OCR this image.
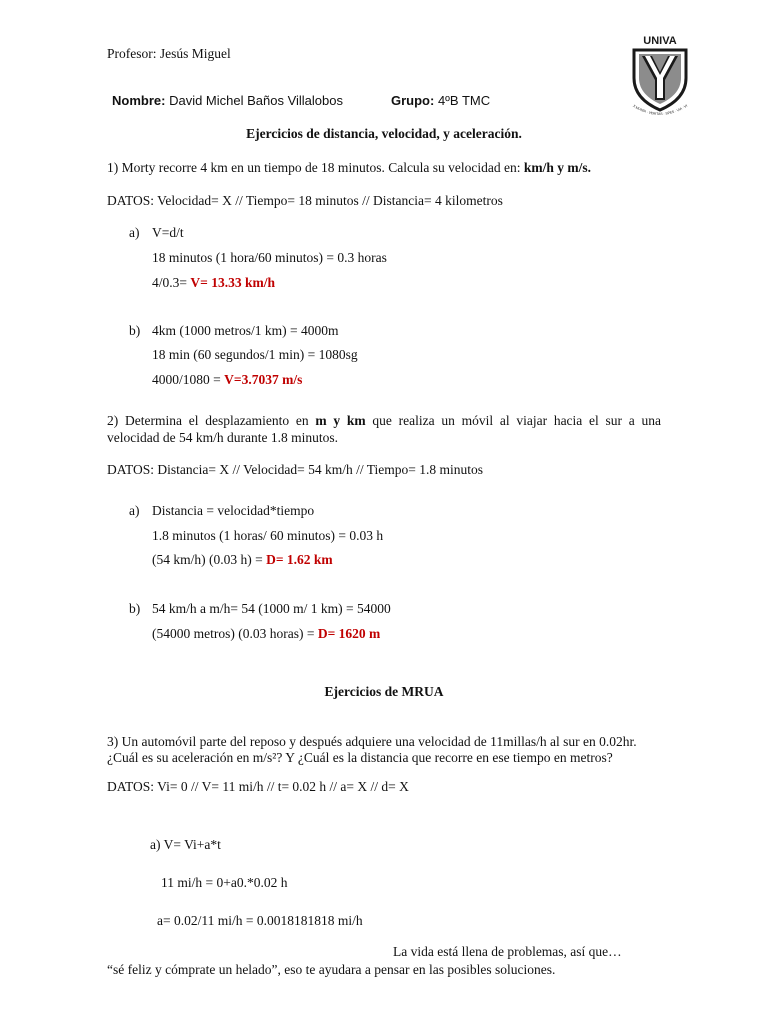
Profesor: Jesús Miguel
Nombre: David Michel Baños Villalobos	Grupo: 4ºB TMC
UNIVA
X MUNDI · VERITAS · SPES · VIA · VI
Ejercicios de distancia, velocidad, y aceleración.
1) Morty recorre 4 km en un tiempo de 18 minutos. Calcula su velocidad en: km/h y m/s.
DATOS: Velocidad= X // Tiempo= 18 minutos // Distancia= 4 kilometros
a) V=d/t
18 minutos (1 hora/60 minutos) = 0.3 horas
4/0.3= V= 13.33 km/h
b) 4km (1000 metros/1 km) = 4000m
18 min (60 segundos/1 min) = 1080sg
4000/1080 = V=3.7037 m/s
2) Determina el desplazamiento en m y km que realiza un móvil al viajar hacia el sur a una
velocidad de 54 km/h durante 1.8 minutos.
DATOS: Distancia= X // Velocidad= 54 km/h // Tiempo= 1.8 minutos
a) Distancia = velocidad*tiempo
1.8 minutos (1 horas/ 60 minutos) = 0.03 h
(54 km/h) (0.03 h) = D= 1.62 km
b) 54 km/h a m/h= 54 (1000 m/ 1 km) = 54000
(54000 metros) (0.03 horas) = D= 1620 m
Ejercicios de MRUA
3) Un automóvil parte del reposo y después adquiere una velocidad de 11millas/h al sur en 0.02hr.
¿Cuál es su aceleración en m/s²? Y ¿Cuál es la distancia que recorre en ese tiempo en metros?
DATOS: Vi= 0 // V= 11 mi/h // t= 0.02 h // a= X // d= X
a) V= Vi+a*t
11 mi/h = 0+a0.*0.02 h
a= 0.02/11 mi/h = 0.0018181818 mi/h
La vida está llena de problemas, así que…
“sé feliz y cómprate un helado”, eso te ayudara a pensar en las posibles soluciones.
